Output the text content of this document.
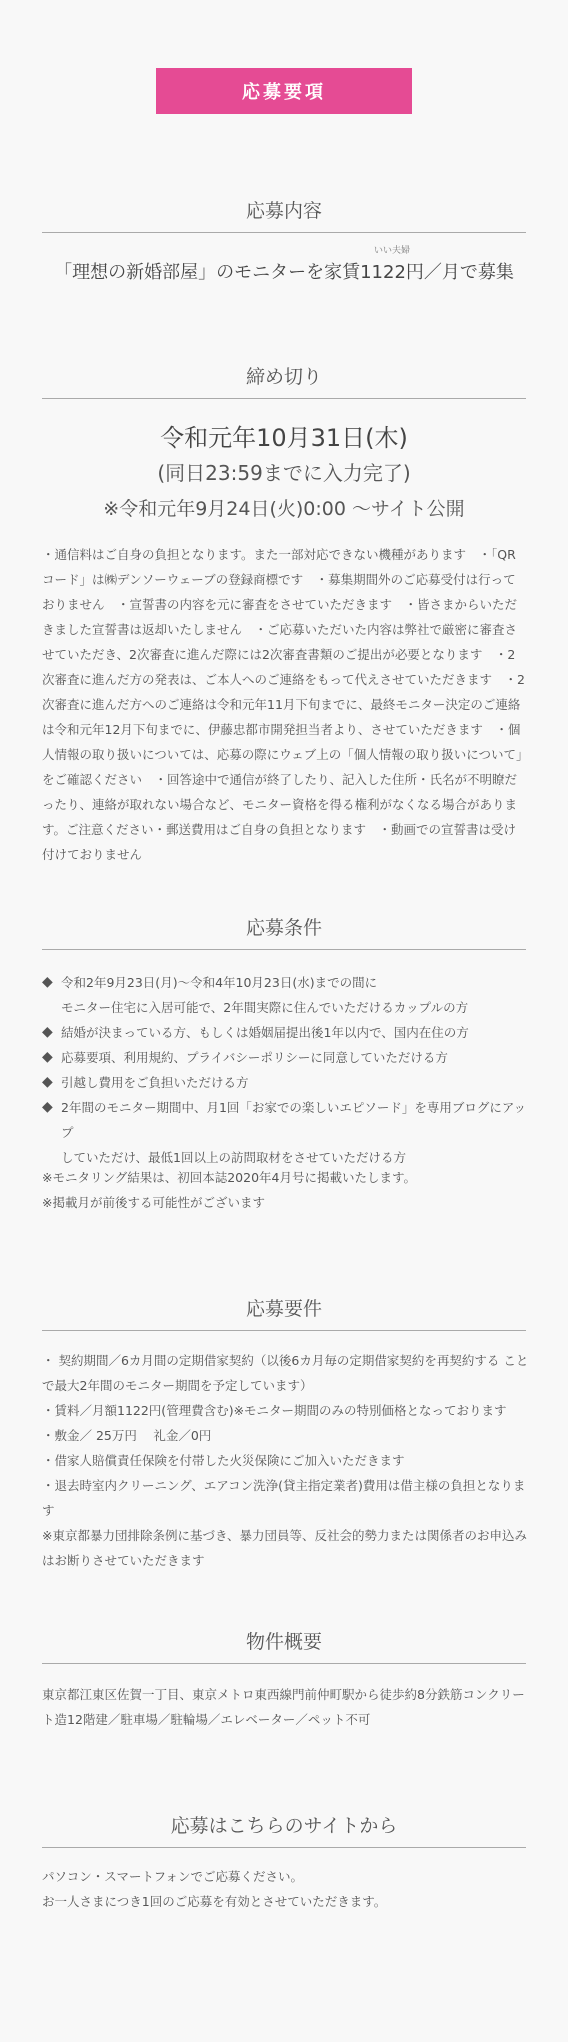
応募要項
応募内容
「理想の新婚部屋」のモニターを家賃
いい夫婦
1122円／月で募集
締め切り
令和元年10月31日(木)
(同日23:59までに入力完了)
※令和元年9月24日(火)0:00 〜サイト公開
・通信料はご自身の負担となります。また一部対応できない機種があります　・「QRコード」は㈱デンソーウェーブの登録商標です　・募集期間外のご応募受付は行っておりません　・宣誓書の内容を元に審査をさせていただきます　・皆さまからいただきました宣誓書は返却いたしません　・ご応募いただいた内容は弊社で厳密に審査させていただき、2次審査に進んだ際には2次審査書類のご提出が必要となります　・2次審査に進んだ方の発表は、ご本人へのご連絡をもって代えさせていただきます　・2次審査に進んだ方へのご連絡は令和元年11月下旬までに、最終モニター決定のご連絡は令和元年12月下旬までに、伊藤忠都市開発担当者より、させていただきます　・個人情報の取り扱いについては、応募の際にウェブ上の「個人情報の取り扱いについて」をご確認ください　・回答途中で通信が終了したり、記入した住所・氏名が不明瞭だったり、連絡が取れない場合など、モニター資格を得る権利がなくなる場合があります。ご注意ください・郵送費用はご自身の負担となります　・動画での宣誓書は受け付けておりません
応募条件
◆ 令和2年9月23日(月)〜令和4年10月23日(水)までの間に
モニター住宅に入居可能で、2年間実際に住んでいただけるカップルの方
◆ 結婚が決まっている方、もしくは婚姻届提出後1年以内で、国内在住の方
◆ 応募要項、利用規約、プライバシーポリシーに同意していただける方
◆ 引越し費用をご負担いただける方
◆ 2年間のモニター期間中、月1回「お家での楽しいエピソード」を専用ブログにアップ
していただけ、最低1回以上の訪問取材をさせていただける方
※モニタリング結果は、初回本誌2020年4月号に掲載いたします。
※掲載月が前後する可能性がございます
応募要件
・ 契約期間／6カ月間の定期借家契約（以後6カ月毎の定期借家契約を再契約する ことで最大2年間のモニター期間を予定しています）
・賃料／月額1122円(管理費含む)※モニター期間のみの特別価格となっております
・敷金／ 25万円　 礼金／0円
・借家人賠償責任保険を付帯した火災保険にご加入いただきます
・退去時室内クリーニング、エアコン洗浄(貸主指定業者)費用は借主様の負担となります
※東京都暴力団排除条例に基づき、暴力団員等、反社会的勢力または関係者のお申込みはお断りさせていただきます
物件概要
東京都江東区佐賀一丁目、東京メトロ東西線門前仲町駅から徒歩約8分鉄筋コンクリート造12階建／駐車場／駐輪場／エレベーター／ペット不可
応募はこちらのサイトから
パソコン・スマートフォンでご応募ください。
お一人さまにつき1回のご応募を有効とさせていただきます。
